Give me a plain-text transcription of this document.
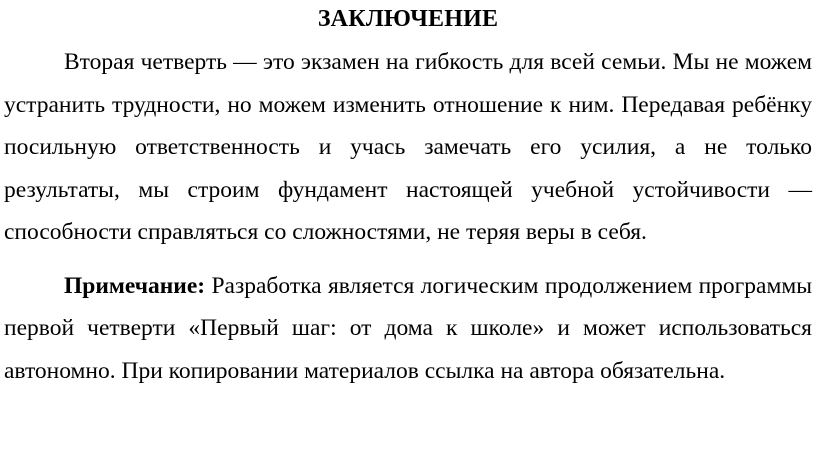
ЗАКЛЮЧЕНИЕ

Вторая четверть — это экзамен на гибкость для всей семьи. Мы не можем устранить трудности, но можем изменить отношение к ним. Передавая ребёнку посильную ответственность и учась замечать его усилия, а не только результаты, мы строим фундамент настоящей учебной устойчивости — способности справляться со сложностями, не теряя веры в себя.

Примечание: Разработка является логическим продолжением программы первой четверти «Первый шаг: от дома к школе» и может использоваться автономно. При копировании материалов ссылка на автора обязательна.
